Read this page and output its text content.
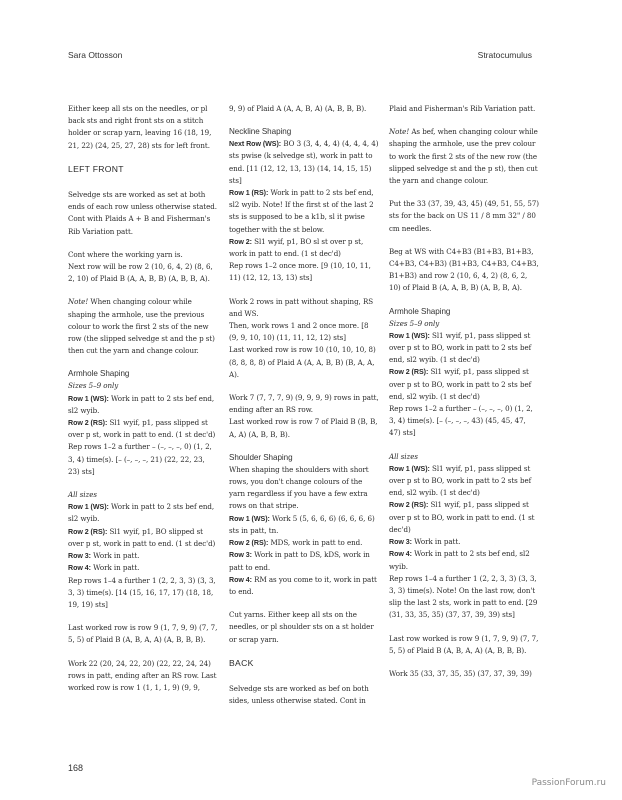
Sara Ottosson	Stratocumulus

Either keep all sts on the needles, or pl back sts and right front sts on a stitch holder or scrap yarn, leaving 16 (18, 19, 21, 22) (24, 25, 27, 28) sts for left front.

LEFT FRONT

Selvedge sts are worked as set at both ends of each row unless otherwise stated. Cont with Plaids A + B and Fisherman's Rib Variation patt.

Cont where the working yarn is.

Next row will be row 2 (10, 6, 4, 2) (8, 6, 2, 10) of Plaid B (A, A, B, B) (A, B, B, A).

Note! When changing colour while shaping the armhole, use the previous colour to work the first 2 sts of the new row (the slipped selvedge st and the p st) then cut the yarn and change colour.

Armhole Shaping
Sizes 5–9 only
Row 1 (WS): Work in patt to 2 sts bef end, sl2 wyib.
Row 2 (RS): Sl1 wyif, p1, pass slipped st over p st, work in patt to end. (1 st dec'd)

Rep rows 1–2 a further – (–, –, –, 0) (1, 2, 3, 4) time(s). [– (–, –, –, 21) (22, 22, 23, 23) sts]

All sizes
Row 1 (WS): Work in patt to 2 sts bef end, sl2 wyib.
Row 2 (RS): Sl1 wyif, p1, BO slipped st over p st, work in patt to end. (1 st dec'd)
Row 3: Work in patt.
Row 4: Work in patt.

Rep rows 1–4 a further 1 (2, 2, 3, 3) (3, 3, 3, 3) time(s). [14 (15, 16, 17, 17) (18, 18, 19, 19) sts]

Last worked row is row 9 (1, 7, 9, 9) (7, 7, 5, 5) of Plaid B (A, B, A, A) (A, B, B, B).

Work 22 (20, 24, 22, 20) (22, 22, 24, 24) rows in patt, ending after an RS row. Last worked row is row 1 (1, 1, 1, 9) (9, 9,

9, 9) of Plaid A (A, A, B, A) (A, B, B, B).

Neckline Shaping
Next Row (WS): BO 3 (3, 4, 4, 4) (4, 4, 4, 4) sts pwise (k selvedge st), work in patt to end. [11 (12, 12, 13, 13) (14, 14, 15, 15) sts]
Row 1 (RS): Work in patt to 2 sts bef end, sl2 wyib. Note! If the first st of the last 2 sts is supposed to be a k1b, sl it pwise together with the st below.
Row 2: Sl1 wyif, p1, BO sl st over p st, work in patt to end. (1 st dec'd)

Rep rows 1–2 once more. [9 (10, 10, 11, 11) (12, 12, 13, 13) sts]

Work 2 rows in patt without shaping, RS and WS.

Then, work rows 1 and 2 once more. [8 (9, 9, 10, 10) (11, 11, 12, 12) sts]

Last worked row is row 10 (10, 10, 10, 8) (8, 8, 8, 8) of Plaid A (A, A, B, B) (B, A, A, A).

Work 7 (7, 7, 7, 9) (9, 9, 9, 9) rows in patt, ending after an RS row.

Last worked row is row 7 of Plaid B (B, B, A, A) (A, B, B, B).

Shoulder Shaping

When shaping the shoulders with short rows, you don't change colours of the yarn regardless if you have a few extra rows on that stripe.

Row 1 (WS): Work 5 (5, 6, 6, 6) (6, 6, 6, 6) sts in patt, tn.
Row 2 (RS): MDS, work in patt to end.
Row 3: Work in patt to DS, kDS, work in patt to end.
Row 4: RM as you come to it, work in patt to end.

Cut yarns. Either keep all sts on the needles, or pl shoulder sts on a st holder or scrap yarn.

BACK

Selvedge sts are worked as bef on both sides, unless otherwise stated. Cont in

Plaid and Fisherman's Rib Variation patt.

Note! As bef, when changing colour while shaping the armhole, use the prev colour to work the first 2 sts of the new row (the slipped selvedge st and the p st), then cut the yarn and change colour.

Put the 33 (37, 39, 43, 45) (49, 51, 55, 57) sts for the back on US 11 / 8 mm 32" / 80 cm needles.

Beg at WS with C4+B3 (B1+B3, B1+B3, C4+B3, C4+B3) (B1+B3, C4+B3, C4+B3, B1+B3) and row 2 (10, 6, 4, 2) (8, 6, 2, 10) of Plaid B (A, A, B, B) (A, B, B, A).

Armhole Shaping
Sizes 5–9 only
Row 1 (WS): Sl1 wyif, p1, pass slipped st over p st to BO, work in patt to 2 sts bef end, sl2 wyib. (1 st dec'd)
Row 2 (RS): Sl1 wyif, p1, pass slipped st over p st to BO, work in patt to 2 sts bef end, sl2 wyib. (1 st dec'd)

Rep rows 1–2 a further – (–, –, –, 0) (1, 2, 3, 4) time(s). [– (–, –, –, 43) (45, 45, 47, 47) sts]

All sizes
Row 1 (WS): Sl1 wyif, p1, pass slipped st over p st to BO, work in patt to 2 sts bef end, sl2 wyib. (1 st dec'd)
Row 2 (RS): Sl1 wyif, p1, pass slipped st over p st to BO, work in patt to end. (1 st dec'd)
Row 3: Work in patt.
Row 4: Work in patt to 2 sts bef end, sl2 wyib.

Rep rows 1–4 a further 1 (2, 2, 3, 3) (3, 3, 3, 3) time(s). Note! On the last row, don't slip the last 2 sts, work in patt to end. [29 (31, 33, 35, 35) (37, 37, 39, 39) sts]

Last row worked is row 9 (1, 7, 9, 9) (7, 7, 5, 5) of Plaid B (A, B, A, A) (A, B, B, B).

Work 35 (33, 37, 35, 35) (37, 37, 39, 39)

168
PassionForum.ru
